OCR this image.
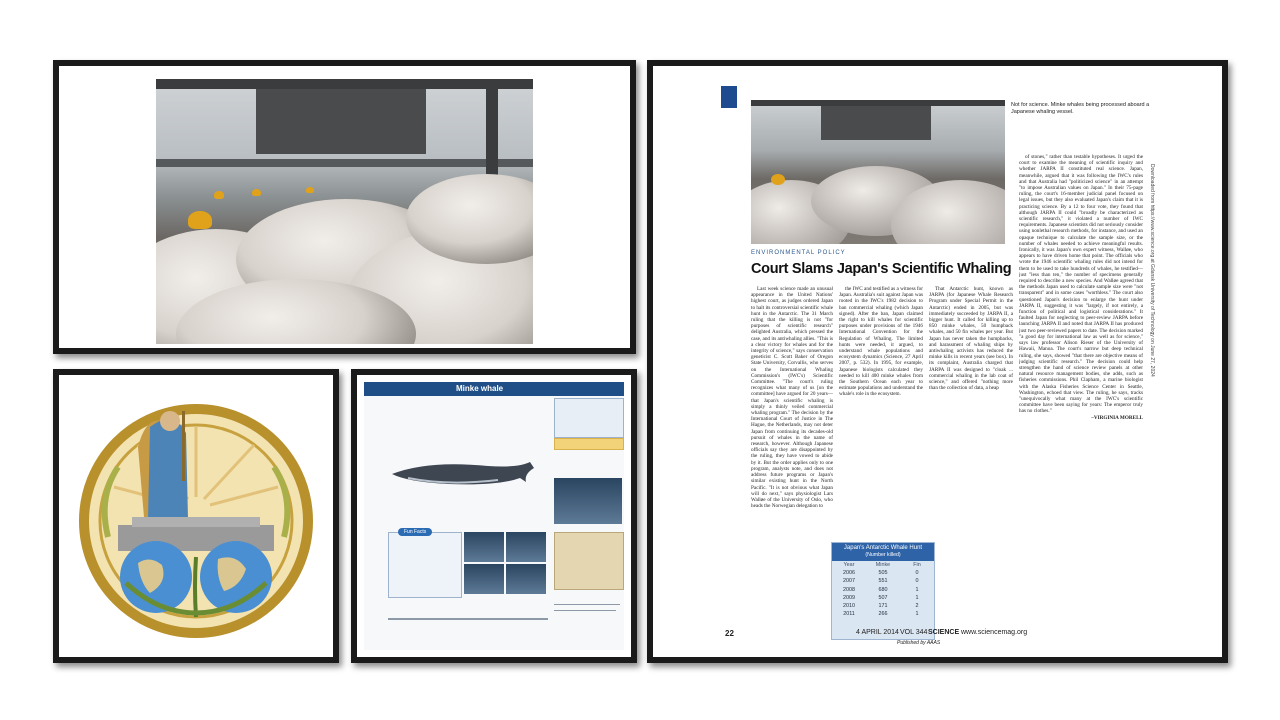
Minke whale
Fun Facts
Not for science. Minke whales being processed aboard a Japanese whaling vessel.
ENVIRONMENTAL POLICY
Court Slams Japan's Scientific Whaling

Last week science made an unusual appearance in the United Nations' highest court, as judges ordered Japan to halt its controversial scientific whale hunt in the Antarctic. The 31 March ruling that the killing is not "for purposes of scientific research" delighted Australia, which pressed the case, and its antiwhaling allies. "This is a clear victory for whales and for the integrity of science," says conservation geneticist C. Scott Baker of Oregon State University, Corvallis, who serves on the International Whaling Commission's (IWC's) Scientific Committee. "The court's ruling recognizes what many of us [on the committee] have argued for 20 years—that Japan's scientific whaling is simply a thinly veiled commercial whaling program." The decision by the International Court of Justice in The Hague, the Netherlands, may not deter Japan from continuing its decades-old pursuit of whales in the name of research, however. Although Japanese officials say they are disappointed by the ruling, they have vowed to abide by it. But the order applies only to one program, analysts note, and does not address future programs or Japan's similar existing hunt in the North Pacific. "It is not obvious what Japan will do next," says physiologist Lars Walløe of the University of Oslo, who heads the Norwegian delegation to

the IWC and testified as a witness for Japan. Australia's suit against Japan was rooted in the IWC's 1982 decision to ban commercial whaling (which Japan signed). After the ban, Japan claimed the right to kill whales for scientific purposes under provisions of the 1946 International Convention for the Regulation of Whaling. The limited hunts were needed, it argued, to understand whale populations and ecosystem dynamics (Science, 27 April 2007, p. 532). In 1995, for example, Japanese biologists calculated they needed to kill 400 minke whales from the Southern Ocean each year to estimate populations and understand the whale's role in the ecosystem.

That Antarctic hunt, known as JARPA (for Japanese Whale Research Program under Special Permit in the Antarctic) ended in 2005, but was immediately succeeded by JARPA II, a bigger hunt. It called for killing up to 850 minke whales, 50 humpback whales, and 50 fin whales per year. But Japan has never taken the humpbacks, and harassment of whaling ships by antiwhaling activists has reduced the minke kills in recent years (see box). In its complaint, Australia charged that JARPA II was designed to "cloak ... commercial whaling in the lab coat of science," and offered "nothing more than the collection of data, a heap

of stones," rather than testable hypotheses. It urged the court to examine the meaning of scientific inquiry and whether JARPA II constituted real science. Japan, meanwhile, argued that it was following the IWC's rules and that Australia had "politicized science" in an attempt "to impose Australian values on Japan." In their 75-page ruling, the court's 16-member judicial panel focused on legal issues, but they also evaluated Japan's claim that it is practicing science. By a 12 to four vote, they found that although JARPA II could "broadly be characterized as scientific research," it violated a number of IWC requirements. Japanese scientists did not seriously consider using nonlethal research methods, for instance, and used an opaque technique to calculate the sample size, or the number of whales needed to achieve meaningful results. Ironically, it was Japan's own expert witness, Walløe, who appears to have driven home that point. The officials who wrote the 1946 scientific whaling rules did not intend for them to be used to take hundreds of whales, he testified—just "less than ten," the number of specimens generally required to describe a new species. And Walløe agreed that the methods Japan used to calculate sample size were "not transparent" and in some cases "worthless." The court also questioned Japan's decision to enlarge the hunt under JARPA II, suggesting it was "largely, if not entirely, a function of political and logistical considerations." It faulted Japan for neglecting to peer-review JARPA before launching JARPA II and noted that JARPA II has produced just two peer-reviewed papers to date. The decision marked "a good day for international law as well as for science," says law professor Alison Rieser of the University of Hawaii, Manoa. The court's narrow but deep technical ruling, she says, showed "that there are objective means of judging scientific research." The decision could help strengthen the hand of science review panels at other natural resource management bodies, she adds, such as fisheries commissions. Phil Clapham, a marine biologist with the Alaska Fisheries Science Center in Seattle, Washington, echoed that view. The ruling, he says, tracks "unequivocally what many at the IWC's scientific committee have been saying for years: The emperor truly has no clothes."

–VIRGINIA MORELL
Downloaded from https://www.science.org at Gdansk University of Technology on June 27, 2024
Japan's Antarctic Whale Hunt
(Number killed)
Year	Minke	Fin
2006	505	0
2007	551	0
2008	680	1
2009	507	1
2010	171	2
2011	266	1
22	4 APRIL 2014 VOL 344 SCIENCE www.sciencemag.org
Published by AAAS
